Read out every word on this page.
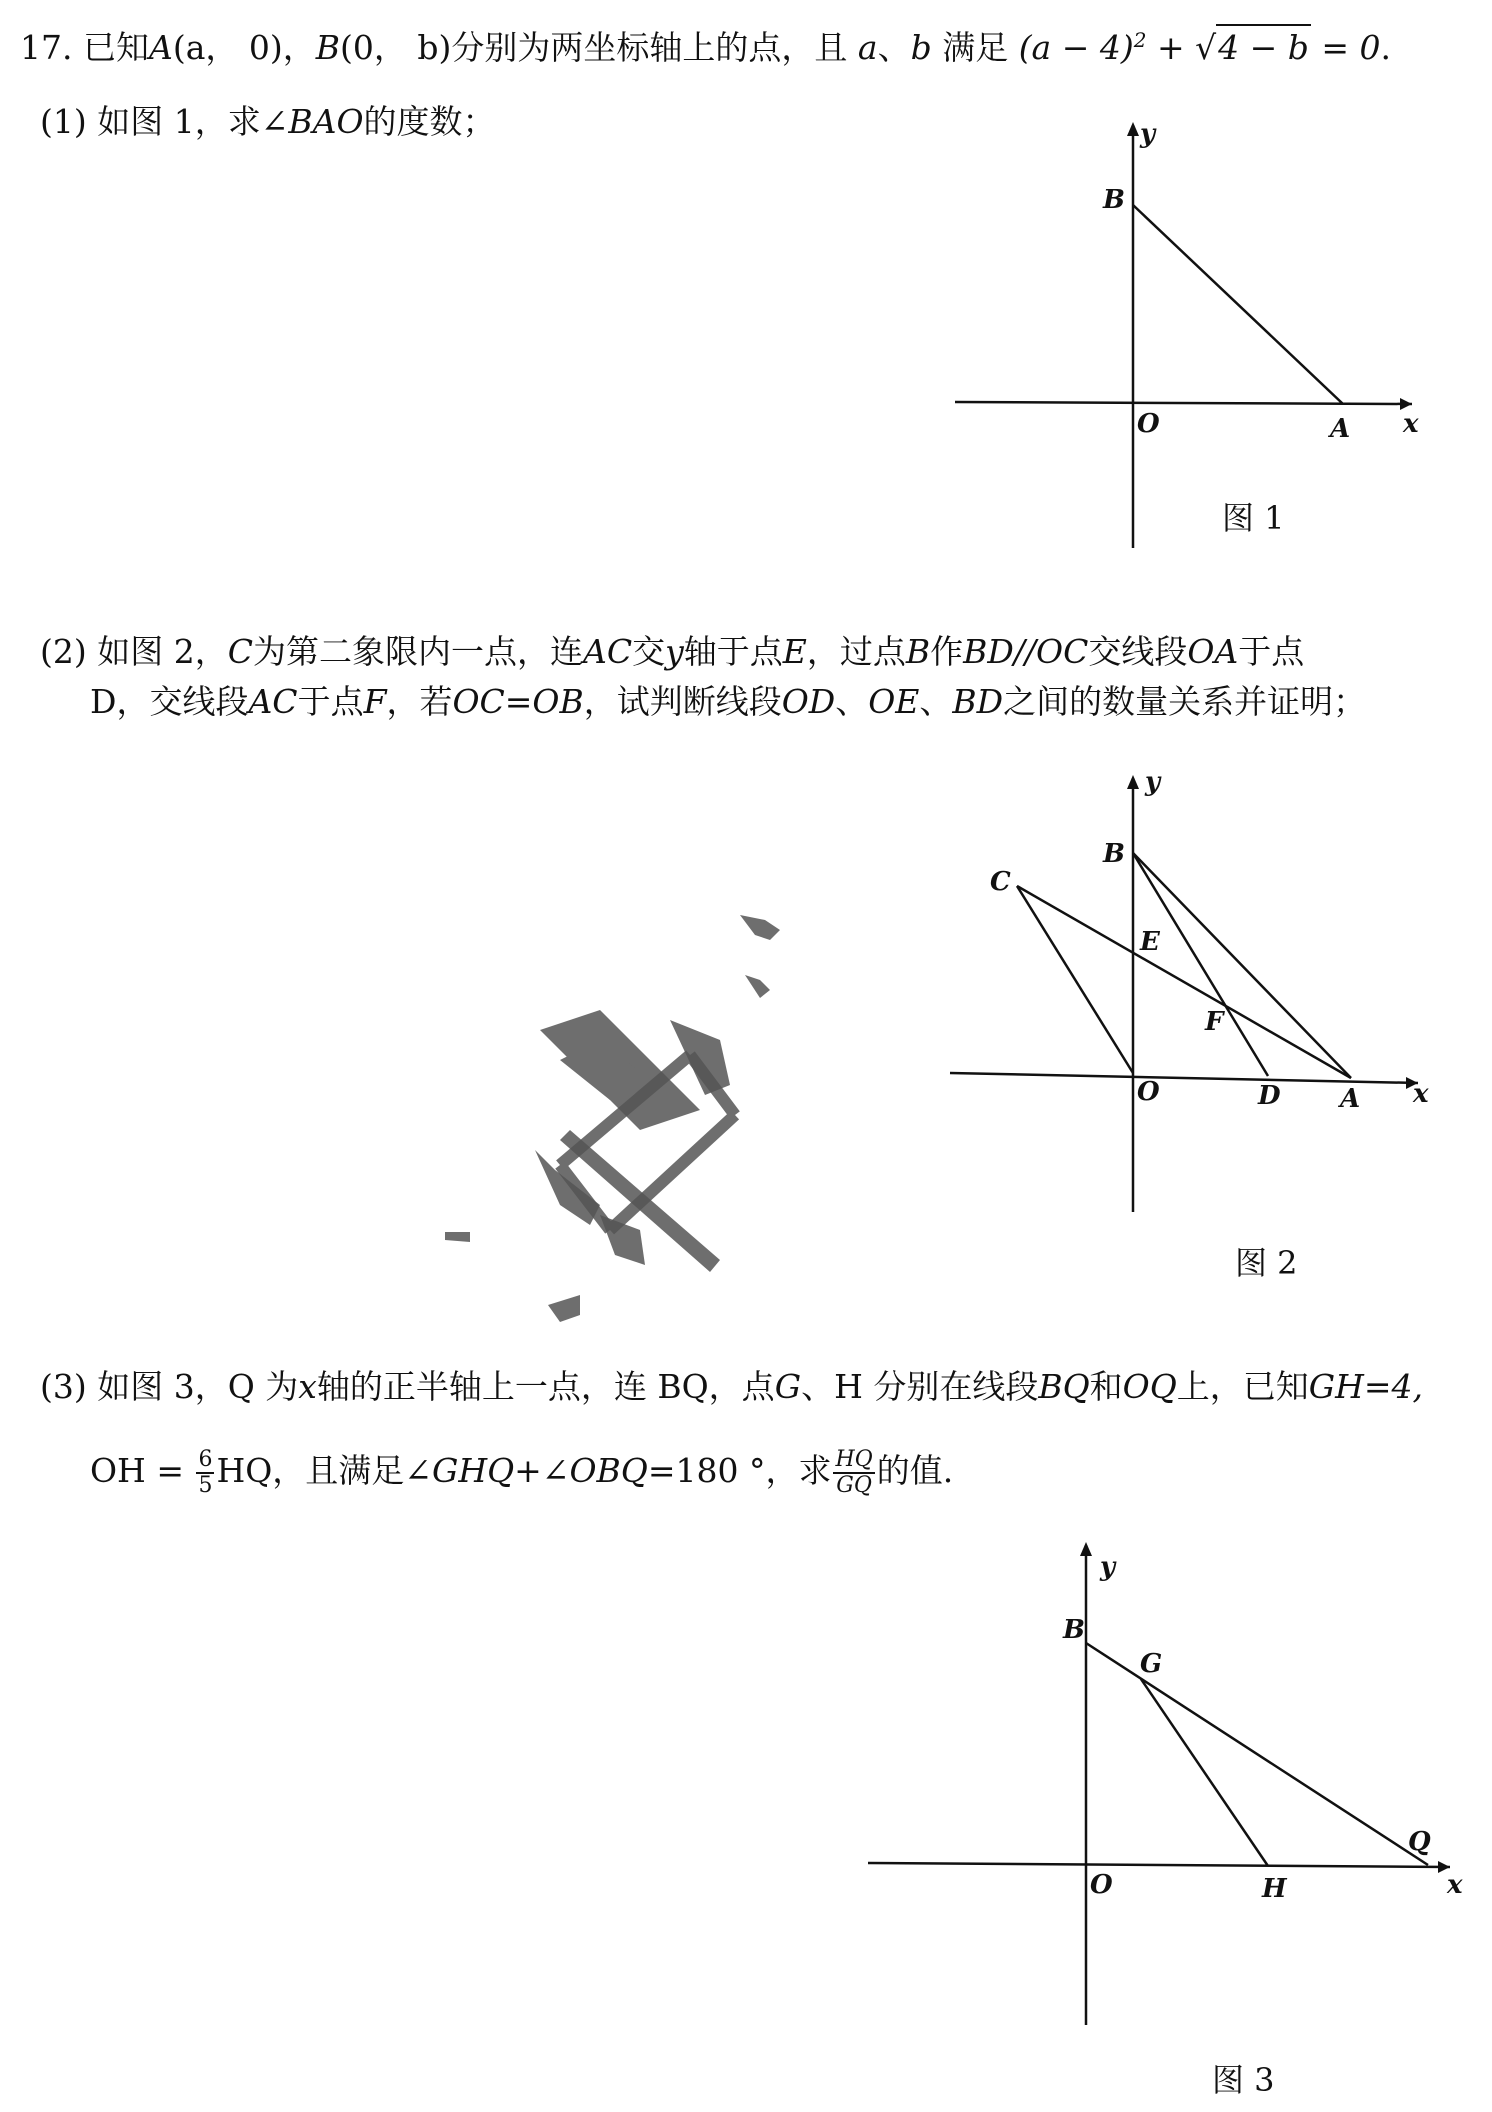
17. 已知A(a， 0)，B(0， b)分别为两坐标轴上的点，且 a、b 满足 $(a - 4)^2 + √4 - b = 0$.
(1) 如图 1，求∠BAO的度数；	y
B
O	A x
图 1
(2) 如图 2，C为第二象限内一点，连AC交y轴于点E，过点B作BD//OC交线段OA于点
D，交线段AC于点F，若OC=OB，试判断线段OD、OE、BD之间的数量关系并证明；
y
B
C
E
F
O	D A x
图 2
(3) 如图 3，Q 为x轴的正半轴上一点，连 BQ，点G、H 分别在线段BQ和OQ上，已知GH=4,
OH = $\frac{6}{5}$ HQ，且满足∠GHQ+∠OBQ=180 °，求 $\frac{HQ}{GQ}$ 的值.
y
B
G
Q
O	H	x
图 3
